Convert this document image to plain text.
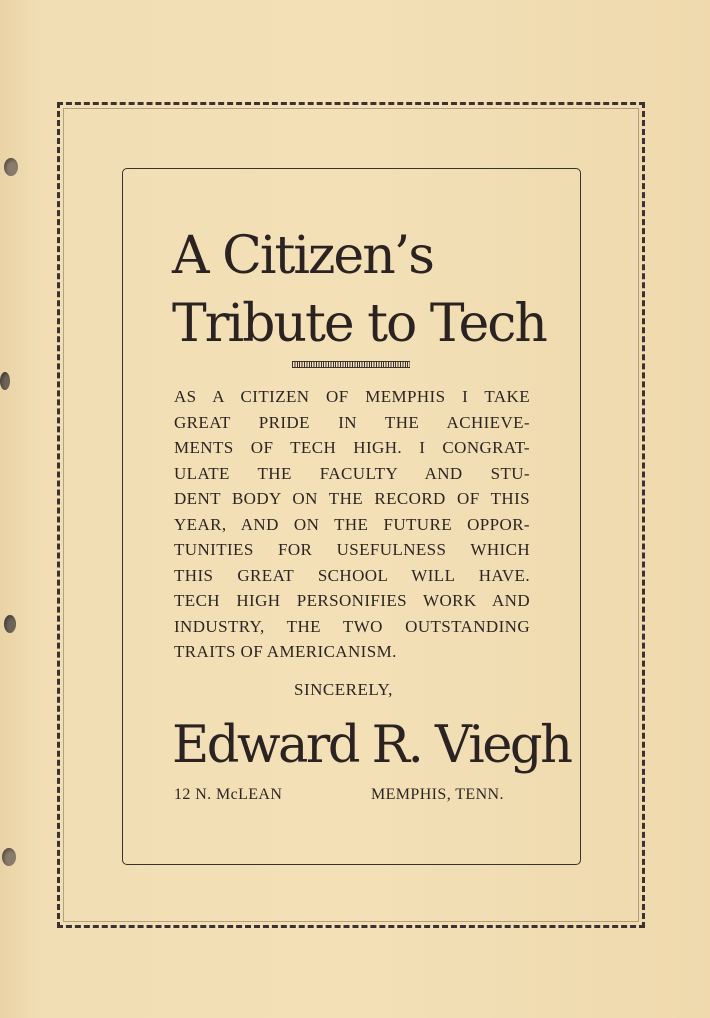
A Citizen’s
Tribute to Tech

AS A CITIZEN OF MEMPHIS I TAKE
GREAT PRIDE IN THE ACHIEVE-
MENTS OF TECH HIGH. I CONGRAT-
ULATE THE FACULTY AND STU-
DENT BODY ON THE RECORD OF THIS
YEAR, AND ON THE FUTURE OPPOR-
TUNITIES FOR USEFULNESS WHICH
THIS GREAT SCHOOL WILL HAVE.
TECH HIGH PERSONIFIES WORK AND
INDUSTRY, THE TWO OUTSTANDING
TRAITS OF AMERICANISM.

SINCERELY,
Edward R. Viegh
12 N. McLEAN	MEMPHIS, TENN.
